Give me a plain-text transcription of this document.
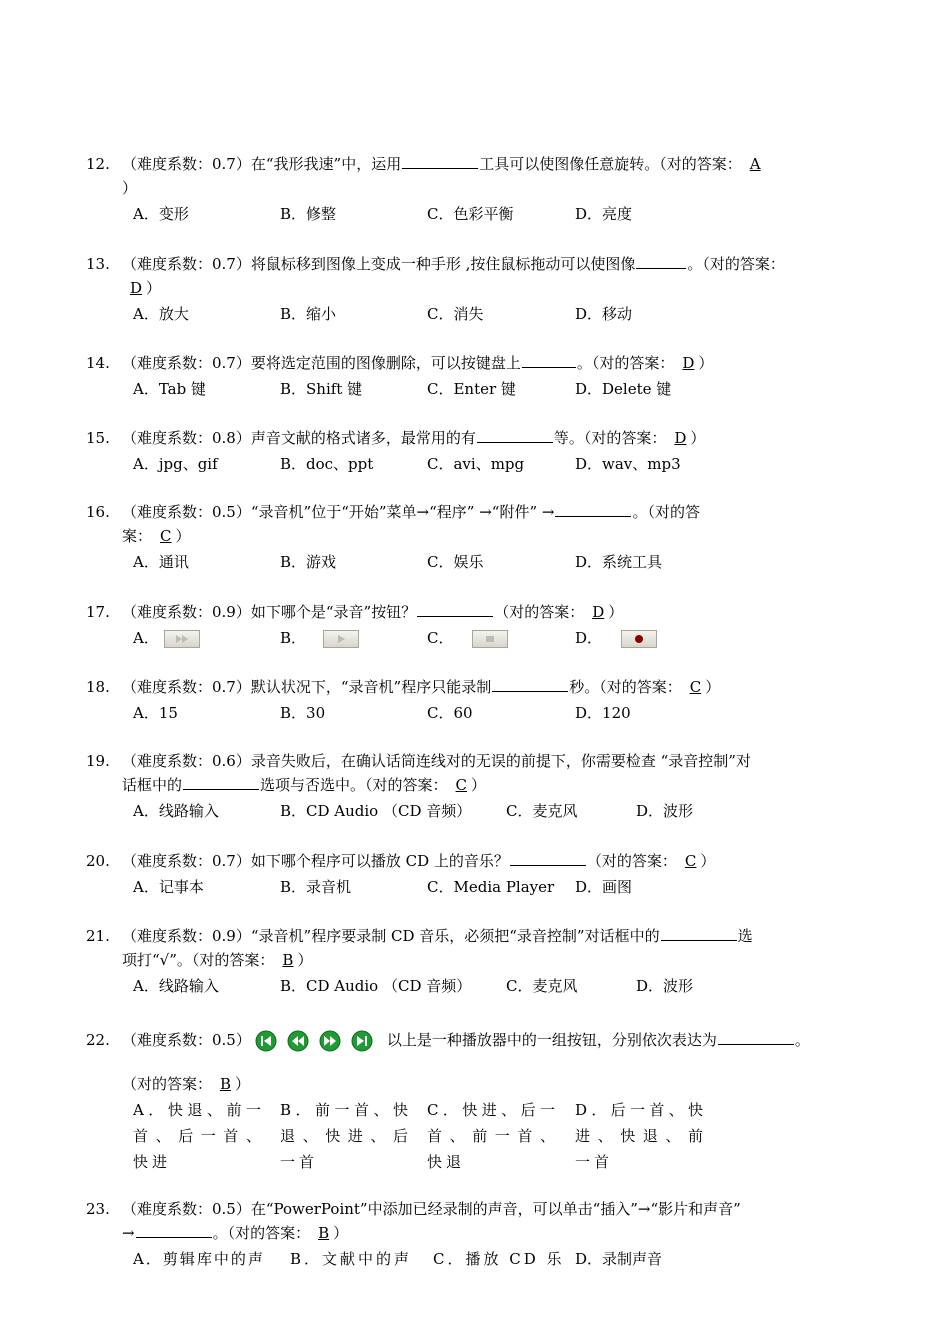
12. （难度系数：0.7）在“我形我速”中，运用	工具可以使图像任意旋转。（对的答案： A
）
A．变形	B．修整	C．色彩平衡	D．亮度
13. （难度系数：0.7）将鼠标移到图像上变成一种手形 ,按住鼠标拖动可以使图像	。（对的答案：
D ）
A．放大	B．缩小	C．消失	D．移动
14. （难度系数：0.7）要将选定范围的图像删除，可以按键盘上	。（对的答案： D ）
A．Tab 键	B．Shift 键	C．Enter 键	D．Delete 键
15. （难度系数：0.8）声音文献的格式诸多，最常用的有	等。（对的答案： D ）
A．jpg、gif	B．doc、ppt	C．avi、mpg	D．wav、mp3
16. （难度系数：0.5）“录音机”位于“开始”菜单→“程序” →“附件” →	。（对的答
案： C ）
A．通讯	B．游戏	C．娱乐	D．系统工具
17. （难度系数：0.9）如下哪个是“录音”按钮？	（对的答案： D ）
A．	B．	C．	D．
18. （难度系数：0.7）默认状况下，“录音机”程序只能录制	秒。（对的答案： C ）
A．15	B．30	C．60	D．120
19. （难度系数：0.6）录音失败后，在确认话筒连线对的无误的前提下，你需要检查 “录音控制”对
话框中的	选项与否选中。（对的答案： C ）
A．线路输入	B．CD Audio （CD 音频） C．麦克风	D．波形
20. （难度系数：0.7）如下哪个程序可以播放 CD 上的音乐？	（对的答案： C ）
A．记事本	B．录音机	C．Media Player D．画图
21. （难度系数：0.9）“录音机”程序要录制 CD 音乐，必须把“录音控制”对话框中的	选
项打“√”。（对的答案： B ）
A．线路输入	B．CD Audio （CD 音频） C．麦克风	D．波形
22. （难度系数：0.5）	以上是一种播放器中的一组按钮，分别依次表达为	。
（对的答案： B ）
A．快退、前一首、后一首、快进
B．前一首、快退、快进、后一首
C．快进、后一首、前一首、快退
D．后一首、快进、快退、前一首
23. （难度系数：0.5）在“PowerPoint”中添加已经录制的声音，可以单击“插入”→“影片和声音”
→	。（对的答案： B ）
A．剪辑库中的声 B．文献中的声 C．播放 CD 乐 D．录制声音
